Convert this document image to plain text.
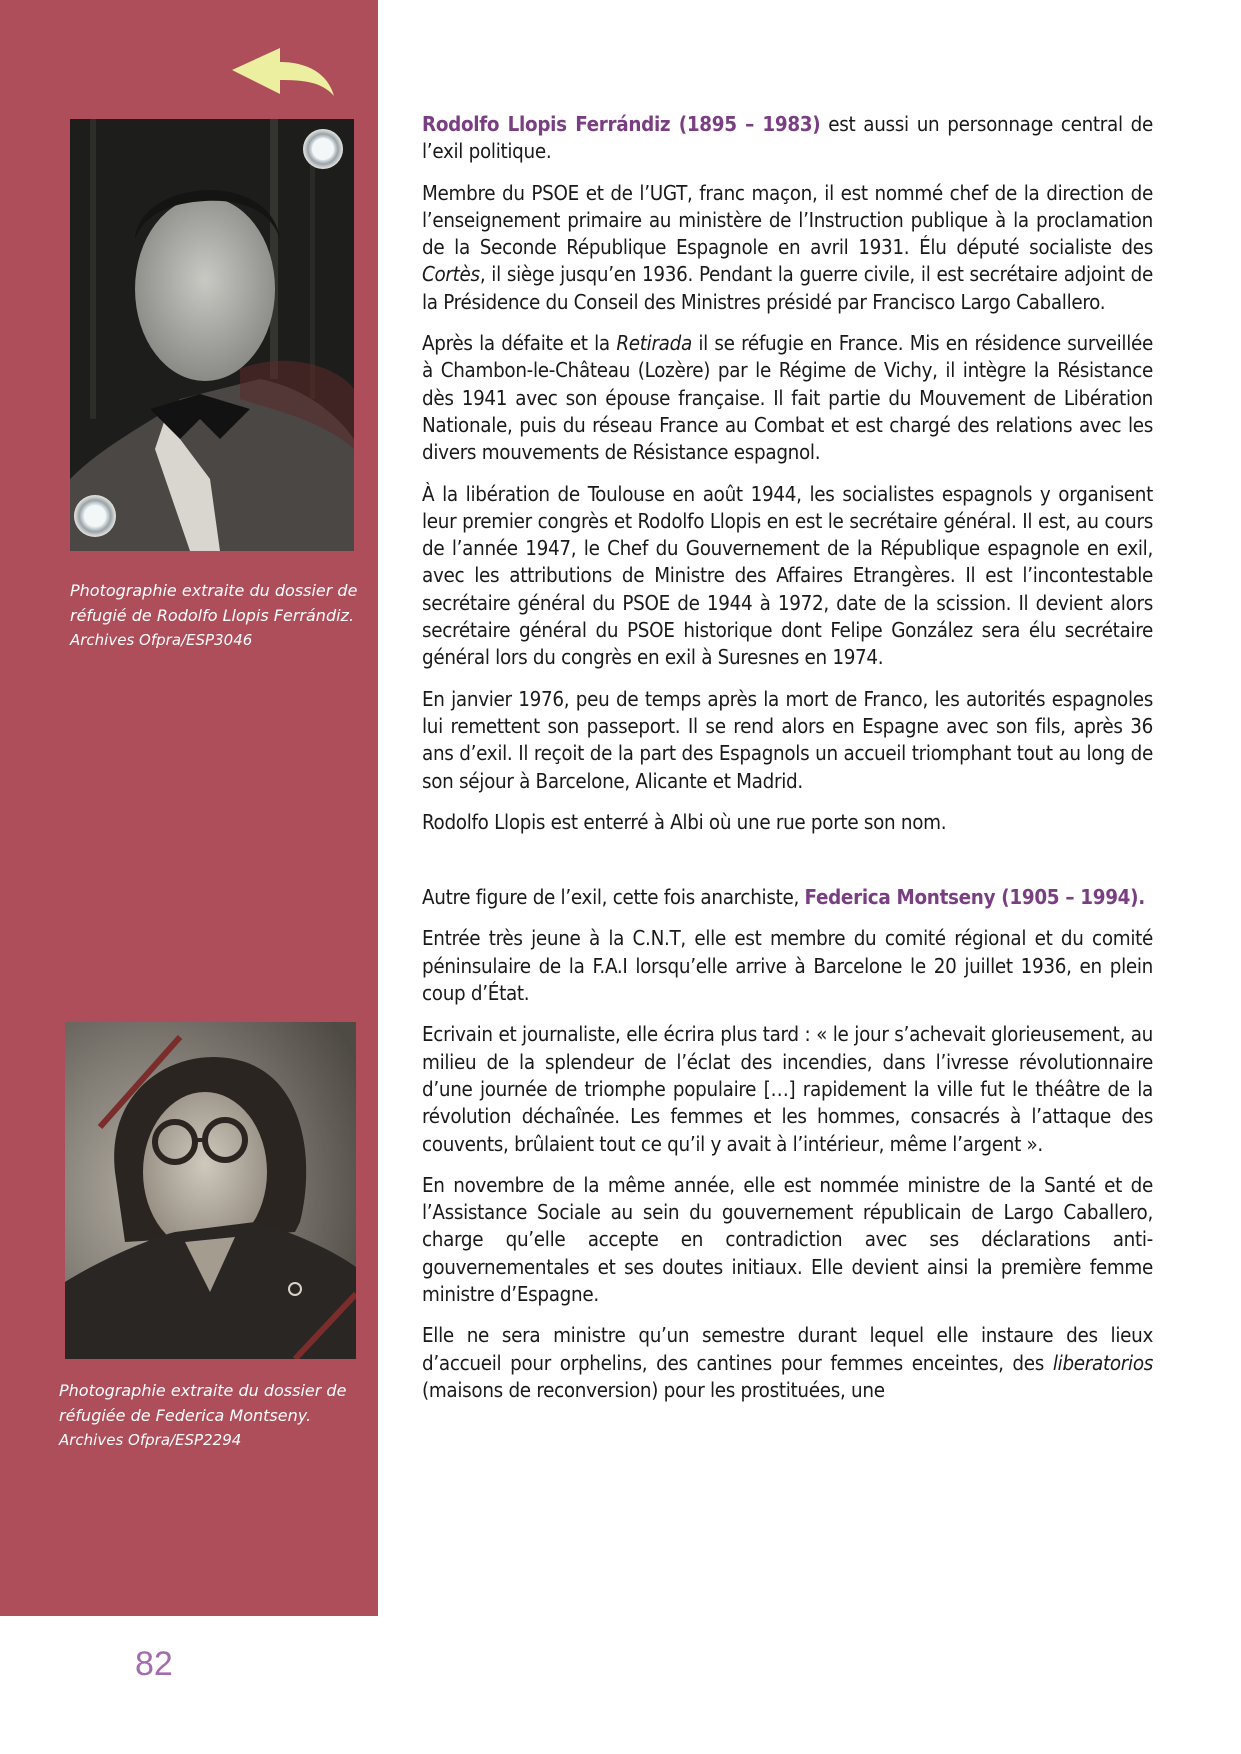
Photographie extraite du dossier de réfugié de Rodolfo Llopis Ferrándiz.
Archives Ofpra/ESP3046
Photographie extraite du dossier de réfugiée de Federica Montseny.
Archives Ofpra/ESP2294
82

Rodolfo Llopis Ferrándiz (1895 – 1983) est aussi un personnage central de l’exil politique.

Membre du PSOE et de l’UGT, franc maçon, il est nommé chef de la direction de l’enseignement primaire au ministère de l’Instruction publique à la proclamation de la Seconde République Espagnole en avril 1931. Élu député socialiste des Cortès, il siège jusqu’en 1936. Pendant la guerre civile, il est secrétaire adjoint de la Présidence du Conseil des Ministres présidé par Francisco Largo Caballero.

Après la défaite et la Retirada il se réfugie en France. Mis en résidence surveillée à Chambon-le-Château (Lozère) par le Régime de Vichy, il intègre la Résistance dès 1941 avec son épouse française. Il fait partie du Mouvement de Libération Nationale, puis du réseau France au Combat et est chargé des relations avec les divers mouvements de Résistance espagnol.

À la libération de Toulouse en août 1944, les socialistes espagnols y organisent leur premier congrès et Rodolfo Llopis en est le secrétaire général. Il est, au cours de l’année 1947, le Chef du Gouvernement de la République espagnole en exil, avec les attributions de Ministre des Affaires Etrangères. Il est l’incontestable secrétaire général du PSOE de 1944 à 1972, date de la scission. Il devient alors secrétaire général du PSOE historique dont Felipe González sera élu secrétaire général lors du congrès en exil à Suresnes en 1974.

En janvier 1976, peu de temps après la mort de Franco, les autorités espagnoles lui remettent son passeport. Il se rend alors en Espagne avec son fils, après 36 ans d’exil. Il reçoit de la part des Espagnols un accueil triomphant tout au long de son séjour à Barcelone, Alicante et Madrid.

Rodolfo Llopis est enterré à Albi où une rue porte son nom.

Autre figure de l’exil, cette fois anarchiste, Federica Montseny (1905 – 1994).

Entrée très jeune à la C.N.T, elle est membre du comité régional et du comité péninsulaire de la F.A.I lorsqu’elle arrive à Barcelone le 20 juillet 1936, en plein coup d’État.

Ecrivain et journaliste, elle écrira plus tard : « le jour s’achevait glorieusement, au milieu de la splendeur de l’éclat des incendies, dans l’ivresse révolutionnaire d’une journée de triomphe populaire […] rapidement la ville fut le théâtre de la révolution déchaînée. Les femmes et les hommes, consacrés à l’attaque des couvents, brûlaient tout ce qu’il y avait à l’intérieur, même l’argent ».

En novembre de la même année, elle est nommée ministre de la Santé et de l’Assistance Sociale au sein du gouvernement républicain de Largo Caballero, charge qu’elle accepte en contradiction avec ses déclarations anti-gouvernementales et ses doutes initiaux. Elle devient ainsi la première femme ministre d’Espagne.

Elle ne sera ministre qu’un semestre durant lequel elle instaure des lieux d’accueil pour orphelins, des cantines pour femmes enceintes, des liberatorios (maisons de reconversion) pour les prostituées, une
